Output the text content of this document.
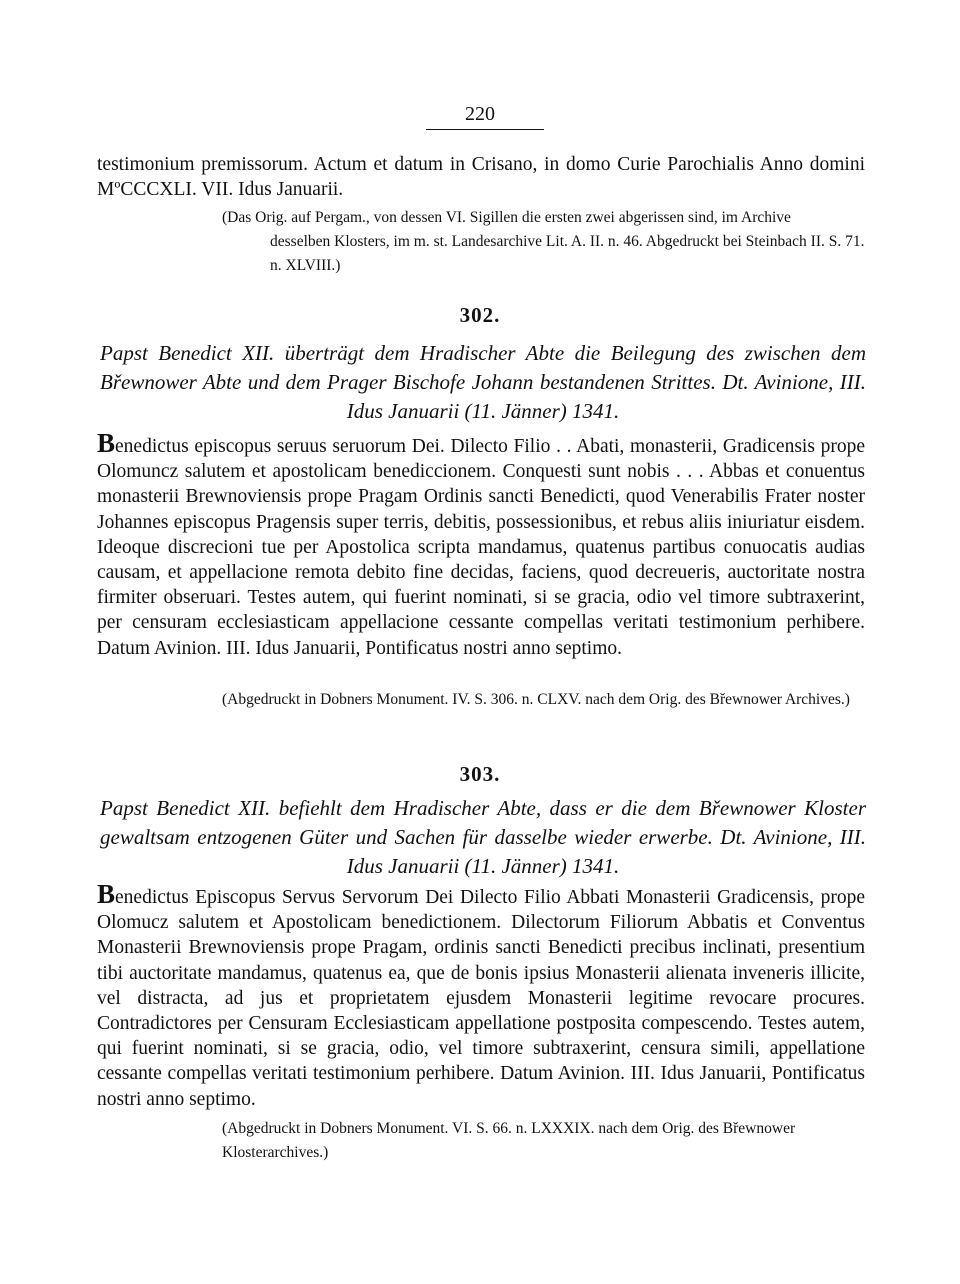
220
testimonium premissorum. Actum et datum in Crisano, in domo Curie Parochialis Anno domini MºCCCXLI. VII. Idus Januarii.
(Das Orig. auf Pergam., von dessen VI. Sigillen die ersten zwei abgerissen sind, im Archive
desselben Klosters, im m. st. Landesarchive Lit. A. II. n. 46. Abgedruckt bei Steinbach II. S. 71. n. XLVIII.)
302.
Papst Benedict XII. überträgt dem Hradischer Abte die Beilegung des zwischen dem Břewnower Abte und dem Prager Bischofe Johann bestandenen Strittes. Dt. Avinione, III. Idus Januarii (11. Jänner) 1341.
Benedictus episcopus seruus seruorum Dei. Dilecto Filio . . Abati, monasterii, Gradicensis prope Olomuncz salutem et apostolicam benediccionem. Conquesti sunt nobis . . . Abbas et conuentus monasterii Brewnoviensis prope Pragam Ordinis sancti Benedicti, quod Venerabilis Frater noster Johannes episcopus Pragensis super terris, debitis, possessionibus, et rebus aliis iniuriatur eisdem. Ideoque discrecioni tue per Apostolica scripta mandamus, quatenus partibus conuocatis audias causam, et appellacione remota debito fine decidas, faciens, quod decreueris, auctoritate nostra firmiter obseruari. Testes autem, qui fuerint nominati, si se gracia, odio vel timore subtraxerint, per censuram ecclesiasticam appellacione cessante compellas veritati testimonium perhibere. Datum Avinion. III. Idus Januarii, Pontificatus nostri anno septimo.
(Abgedruckt in Dobners Monument. IV. S. 306. n. CLXV. nach dem Orig. des Břewnower Archives.)
303.
Papst Benedict XII. befiehlt dem Hradischer Abte, dass er die dem Břewnower Kloster gewaltsam entzogenen Güter und Sachen für dasselbe wieder erwerbe. Dt. Avinione, III. Idus Januarii (11. Jänner) 1341.
Benedictus Episcopus Servus Servorum Dei Dilecto Filio Abbati Monasterii Gradicensis, prope Olomucz salutem et Apostolicam benedictionem. Dilectorum Filiorum Abbatis et Conventus Monasterii Brewnoviensis prope Pragam, ordinis sancti Benedicti precibus inclinati, presentium tibi auctoritate mandamus, quatenus ea, que de bonis ipsius Monasterii alienata inveneris illicite, vel distracta, ad jus et proprietatem ejusdem Monasterii legitime revocare procures. Contradictores per Censuram Ecclesiasticam appellatione postposita compescendo. Testes autem, qui fuerint nominati, si se gracia, odio, vel timore subtraxerint, censura simili, appellatione cessante compellas veritati testimonium perhibere. Datum Avinion. III. Idus Januarii, Pontificatus nostri anno septimo.
(Abgedruckt in Dobners Monument. VI. S. 66. n. LXXXIX. nach dem Orig. des Břewnower Klosterarchives.)
